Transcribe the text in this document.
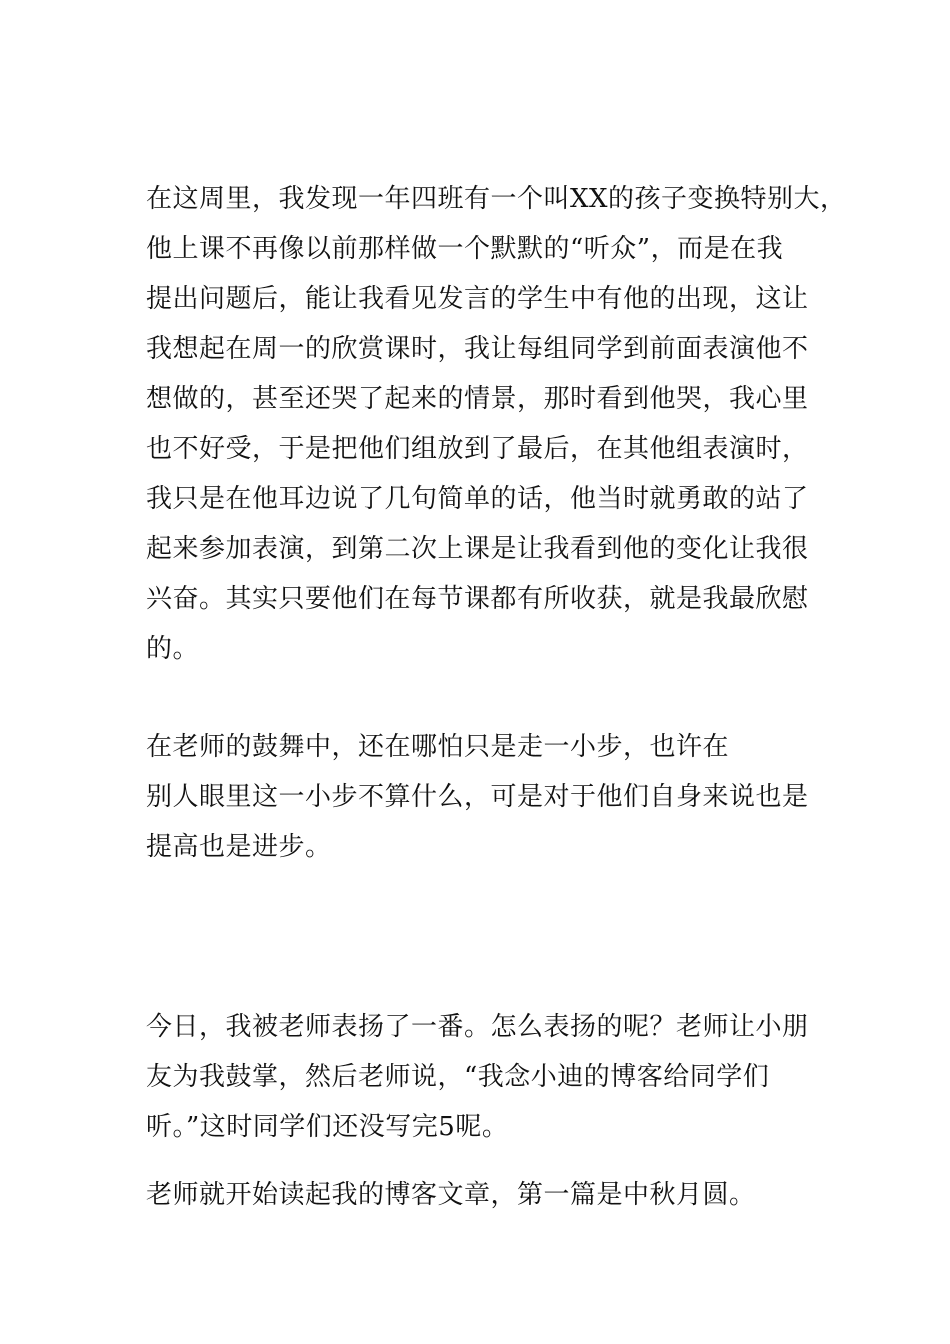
在这周里，我发现一年四班有一个叫XX的孩子变换特别大，

他上课不再像以前那样做一个默默的“听众”，而是在我

提出问题后，能让我看见发言的学生中有他的出现，这让

我想起在周一的欣赏课时，我让每组同学到前面表演他不

想做的，甚至还哭了起来的情景，那时看到他哭，我心里

也不好受，于是把他们组放到了最后，在其他组表演时，

我只是在他耳边说了几句简单的话，他当时就勇敢的站了

起来参加表演，到第二次上课是让我看到他的变化让我很

兴奋。其实只要他们在每节课都有所收获，就是我最欣慰

的。

在老师的鼓舞中，还在哪怕只是走一小步，也许在

别人眼里这一小步不算什么，可是对于他们自身来说也是

提高也是进步。

今日，我被老师表扬了一番。怎么表扬的呢？老师让小朋

友为我鼓掌，然后老师说，“我念小迪的博客给同学们

听。”这时同学们还没写完5呢。

老师就开始读起我的博客文章，第一篇是中秋月圆。
